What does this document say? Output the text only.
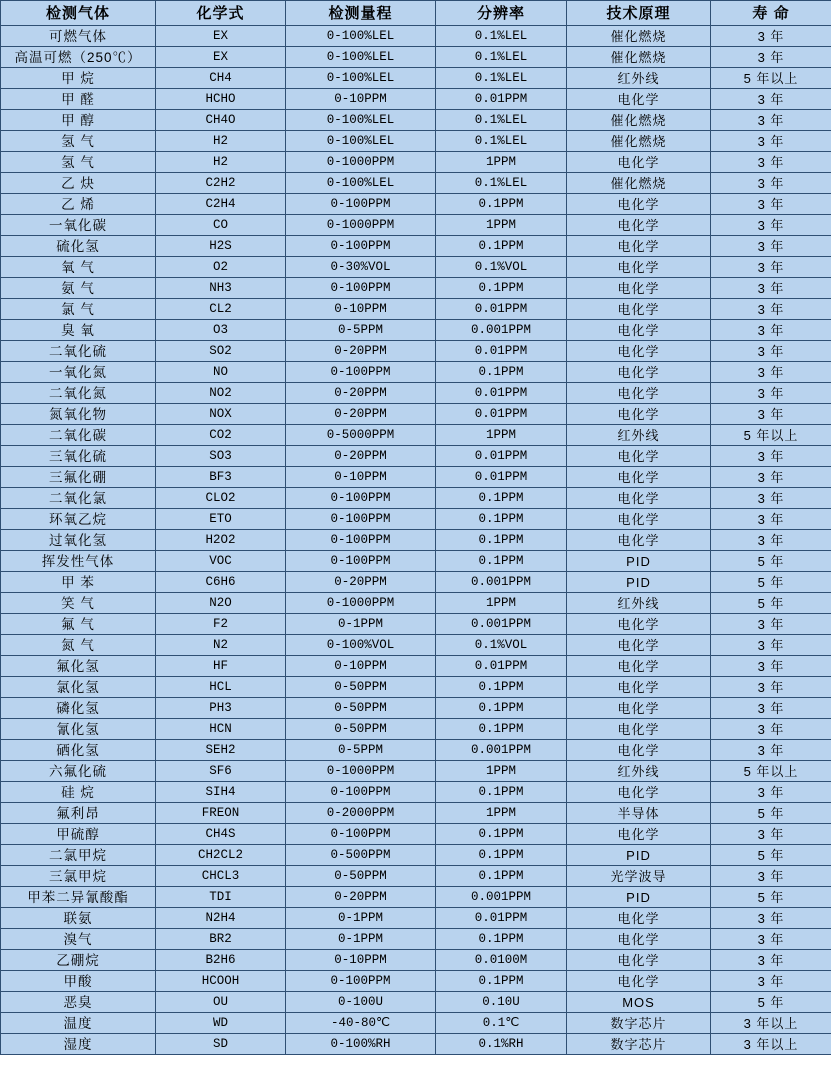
检测气体	化学式	检测量程	分辨率	技术原理	寿 命
可燃气体	EX	0-100%LEL	0.1%LEL	催化燃烧	3 年
高温可燃（250℃）	EX	0-100%LEL	0.1%LEL	催化燃烧	3 年
甲 烷	CH4	0-100%LEL	0.1%LEL	红外线	5 年以上
甲 醛	HCHO	0-10PPM	0.01PPM	电化学	3 年
甲 醇	CH4O	0-100%LEL	0.1%LEL	催化燃烧	3 年
氢 气	H2	0-100%LEL	0.1%LEL	催化燃烧	3 年
氢 气	H2	0-1000PPM	1PPM	电化学	3 年
乙 炔	C2H2	0-100%LEL	0.1%LEL	催化燃烧	3 年
乙 烯	C2H4	0-100PPM	0.1PPM	电化学	3 年
一氧化碳	CO	0-1000PPM	1PPM	电化学	3 年
硫化氢	H2S	0-100PPM	0.1PPM	电化学	3 年
氧 气	O2	0-30%VOL	0.1%VOL	电化学	3 年
氨 气	NH3	0-100PPM	0.1PPM	电化学	3 年
氯 气	CL2	0-10PPM	0.01PPM	电化学	3 年
臭 氧	O3	0-5PPM	0.001PPM	电化学	3 年
二氧化硫	SO2	0-20PPM	0.01PPM	电化学	3 年
一氧化氮	NO	0-100PPM	0.1PPM	电化学	3 年
二氧化氮	NO2	0-20PPM	0.01PPM	电化学	3 年
氮氧化物	NOX	0-20PPM	0.01PPM	电化学	3 年
二氧化碳	CO2	0-5000PPM	1PPM	红外线	5 年以上
三氧化硫	SO3	0-20PPM	0.01PPM	电化学	3 年
三氟化硼	BF3	0-10PPM	0.01PPM	电化学	3 年
二氧化氯	CLO2	0-100PPM	0.1PPM	电化学	3 年
环氧乙烷	ETO	0-100PPM	0.1PPM	电化学	3 年
过氧化氢	H2O2	0-100PPM	0.1PPM	电化学	3 年
挥发性气体	VOC	0-100PPM	0.1PPM	PID	5 年
甲 苯	C6H6	0-20PPM	0.001PPM	PID	5 年
笑 气	N2O	0-1000PPM	1PPM	红外线	5 年
氟 气	F2	0-1PPM	0.001PPM	电化学	3 年
氮 气	N2	0-100%VOL	0.1%VOL	电化学	3 年
氟化氢	HF	0-10PPM	0.01PPM	电化学	3 年
氯化氢	HCL	0-50PPM	0.1PPM	电化学	3 年
磷化氢	PH3	0-50PPM	0.1PPM	电化学	3 年
氰化氢	HCN	0-50PPM	0.1PPM	电化学	3 年
硒化氢	SEH2	0-5PPM	0.001PPM	电化学	3 年
六氟化硫	SF6	0-1000PPM	1PPM	红外线	5 年以上
硅 烷	SIH4	0-100PPM	0.1PPM	电化学	3 年
氟利昂	FREON	0-2000PPM	1PPM	半导体	5 年
甲硫醇	CH4S	0-100PPM	0.1PPM	电化学	3 年
二氯甲烷	CH2CL2	0-500PPM	0.1PPM	PID	5 年
三氯甲烷	CHCL3	0-50PPM	0.1PPM	光学波导	3 年
甲苯二异氰酸酯	TDI	0-20PPM	0.001PPM	PID	5 年
联氨	N2H4	0-1PPM	0.01PPM	电化学	3 年
溴气	BR2	0-1PPM	0.1PPM	电化学	3 年
乙硼烷	B2H6	0-10PPM	0.0100M	电化学	3 年
甲酸	HCOOH	0-100PPM	0.1PPM	电化学	3 年
恶臭	OU	0-100U	0.10U	MOS	5 年
温度	WD	-40-80℃	0.1℃	数字芯片	3 年以上
湿度	SD	0-100%RH	0.1%RH	数字芯片	3 年以上
